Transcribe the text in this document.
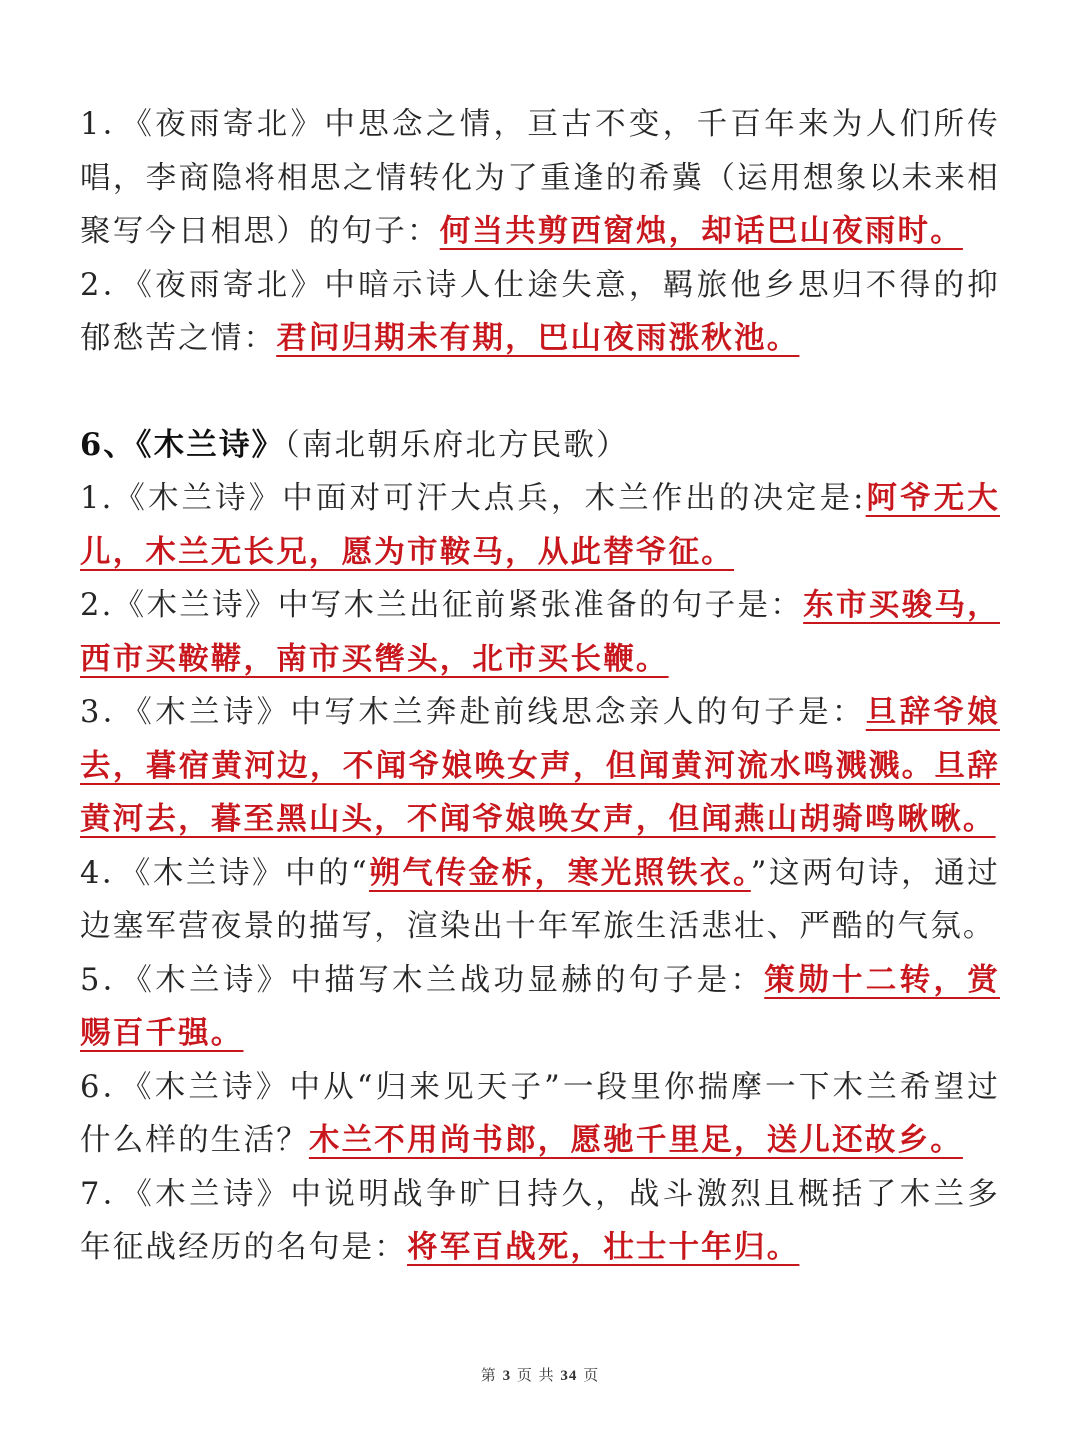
1．《夜雨寄北》中思念之情，亘古不变，千百年来为人们所传唱，李商隐将相思之情转化为了重逢的希冀（运用想象以未来相聚写今日相思）的句子：何当共剪西窗烛，却话巴山夜雨时。

2．《夜雨寄北》中暗示诗人仕途失意，羁旅他乡思归不得的抑郁愁苦之情：君问归期未有期，巴山夜雨涨秋池。

6、《木兰诗》（南北朝乐府北方民歌）

1.《木兰诗》中面对可汗大点兵，木兰作出的决定是:阿爷无大儿，木兰无长兄，愿为市鞍马，从此替爷征。

2.《木兰诗》中写木兰出征前紧张准备的句子是：东市买骏马，西市买鞍鞯，南市买辔头，北市买长鞭。

3．《木兰诗》中写木兰奔赴前线思念亲人的句子是：旦辞爷娘去，暮宿黄河边，不闻爷娘唤女声，但闻黄河流水鸣溅溅。旦辞黄河去，暮至黑山头，不闻爷娘唤女声，但闻燕山胡骑鸣啾啾。

4．《木兰诗》中的“朔气传金柝，寒光照铁衣。”这两句诗，通过边塞军营夜景的描写，渲染出十年军旅生活悲壮、严酷的气氛。

5．《木兰诗》中描写木兰战功显赫的句子是：策勋十二转，赏赐百千强。

6．《木兰诗》中从“归来见天子”一段里你揣摩一下木兰希望过什么样的生活？木兰不用尚书郎，愿驰千里足，送儿还故乡。

7．《木兰诗》中说明战争旷日持久，战斗激烈且概括了木兰多年征战经历的名句是：将军百战死，壮士十年归。

第 3 页 共 34 页
